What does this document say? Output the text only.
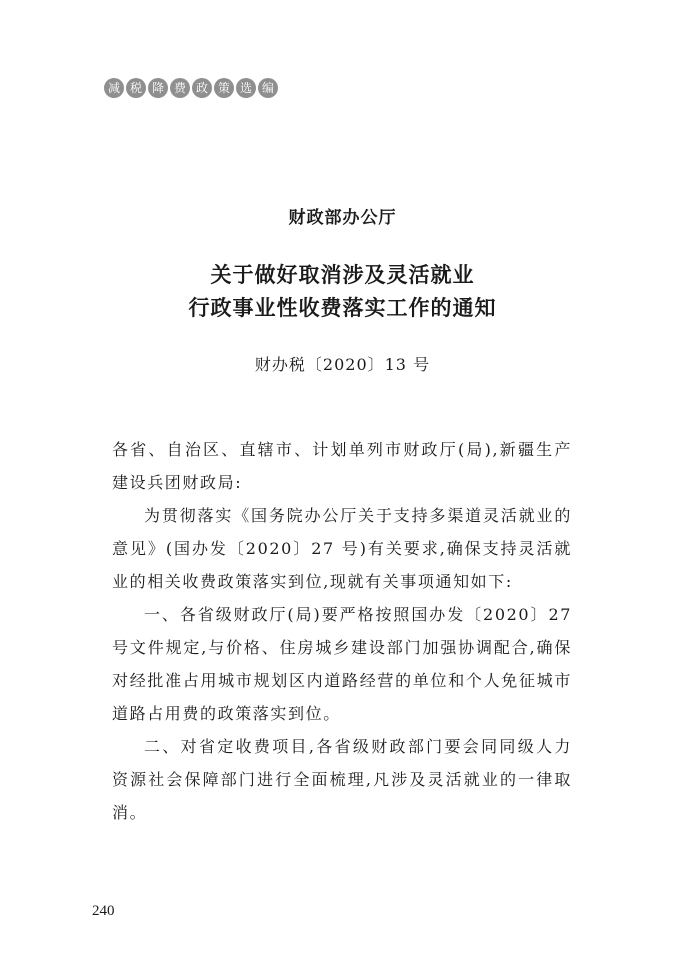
减 税 降 费 政 策 选 编
财政部办公厅
关于做好取消涉及灵活就业
行政事业性收费落实工作的通知
财办税〔2020〕13 号

各省、自治区、直辖市、计划单列市财政厅(局),新疆生产建设兵团财政局:

为贯彻落实《国务院办公厅关于支持多渠道灵活就业的意见》(国办发〔2020〕27 号)有关要求,确保支持灵活就业的相关收费政策落实到位,现就有关事项通知如下:

一、各省级财政厅(局)要严格按照国办发〔2020〕27号文件规定,与价格、住房城乡建设部门加强协调配合,确保对经批准占用城市规划区内道路经营的单位和个人免征城市道路占用费的政策落实到位。

二、对省定收费项目,各省级财政部门要会同同级人力资源社会保障部门进行全面梳理,凡涉及灵活就业的一律取消。

240
